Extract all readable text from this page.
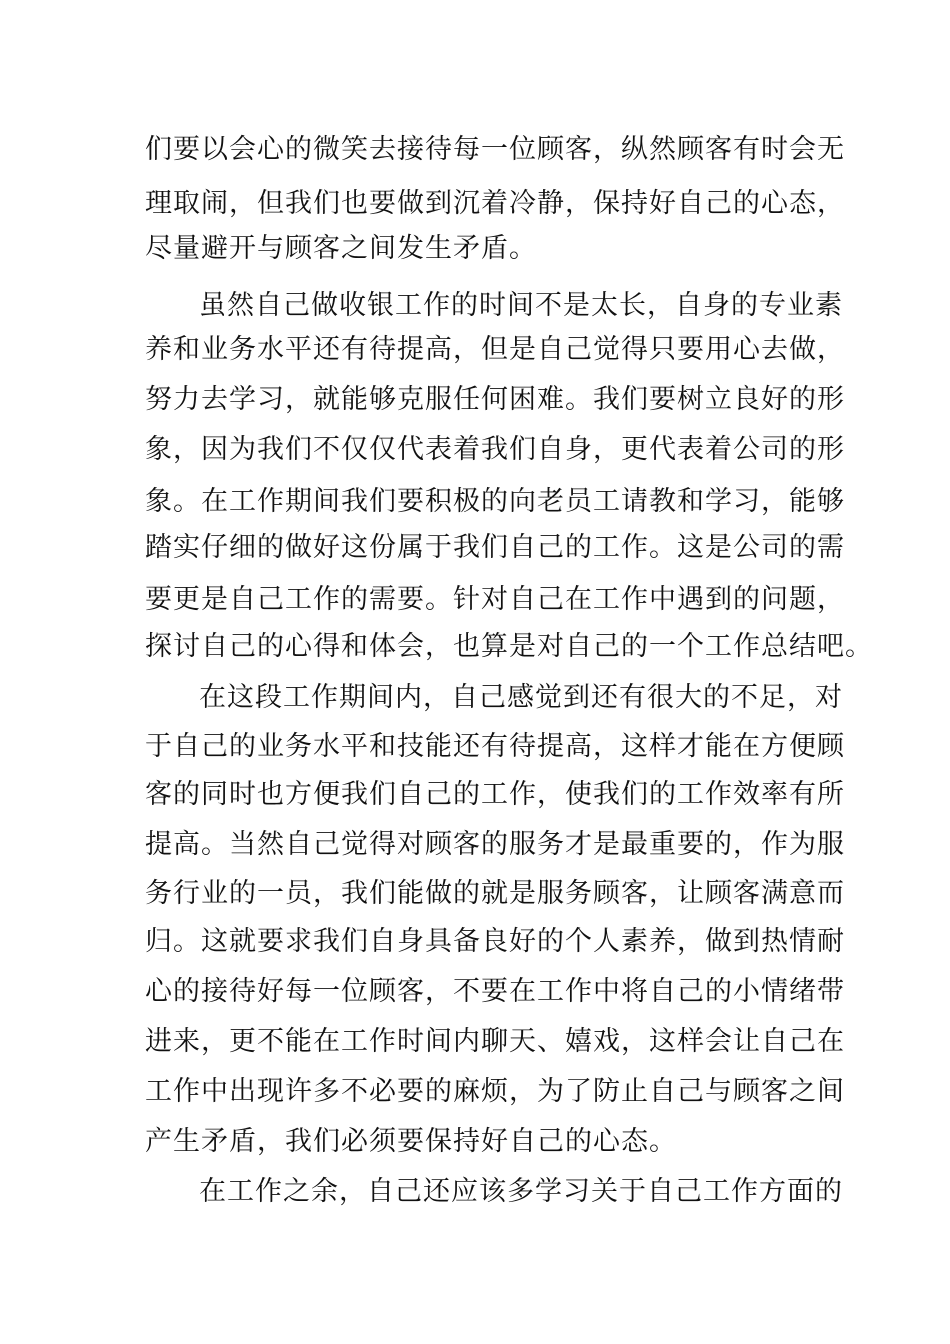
们要以会心的微笑去接待每一位顾客，纵然顾客有时会无
理取闹，但我们也要做到沉着冷静，保持好自己的心态，
尽量避开与顾客之间发生矛盾。
虽然自己做收银工作的时间不是太长，自身的专业素
养和业务水平还有待提高，但是自己觉得只要用心去做，
努力去学习，就能够克服任何困难。我们要树立良好的形
象，因为我们不仅仅代表着我们自身，更代表着公司的形
象。在工作期间我们要积极的向老员工请教和学习，能够
踏实仔细的做好这份属于我们自己的工作。这是公司的需
要更是自己工作的需要。针对自己在工作中遇到的问题，
探讨自己的心得和体会，也算是对自己的一个工作总结吧。
在这段工作期间内，自己感觉到还有很大的不足，对
于自己的业务水平和技能还有待提高，这样才能在方便顾
客的同时也方便我们自己的工作，使我们的工作效率有所
提高。当然自己觉得对顾客的服务才是最重要的，作为服
务行业的一员，我们能做的就是服务顾客，让顾客满意而
归。这就要求我们自身具备良好的个人素养，做到热情耐
心的接待好每一位顾客，不要在工作中将自己的小情绪带
进来，更不能在工作时间内聊天、嬉戏，这样会让自己在
工作中出现许多不必要的麻烦，为了防止自己与顾客之间
产生矛盾，我们必须要保持好自己的心态。
在工作之余，自己还应该多学习关于自己工作方面的
